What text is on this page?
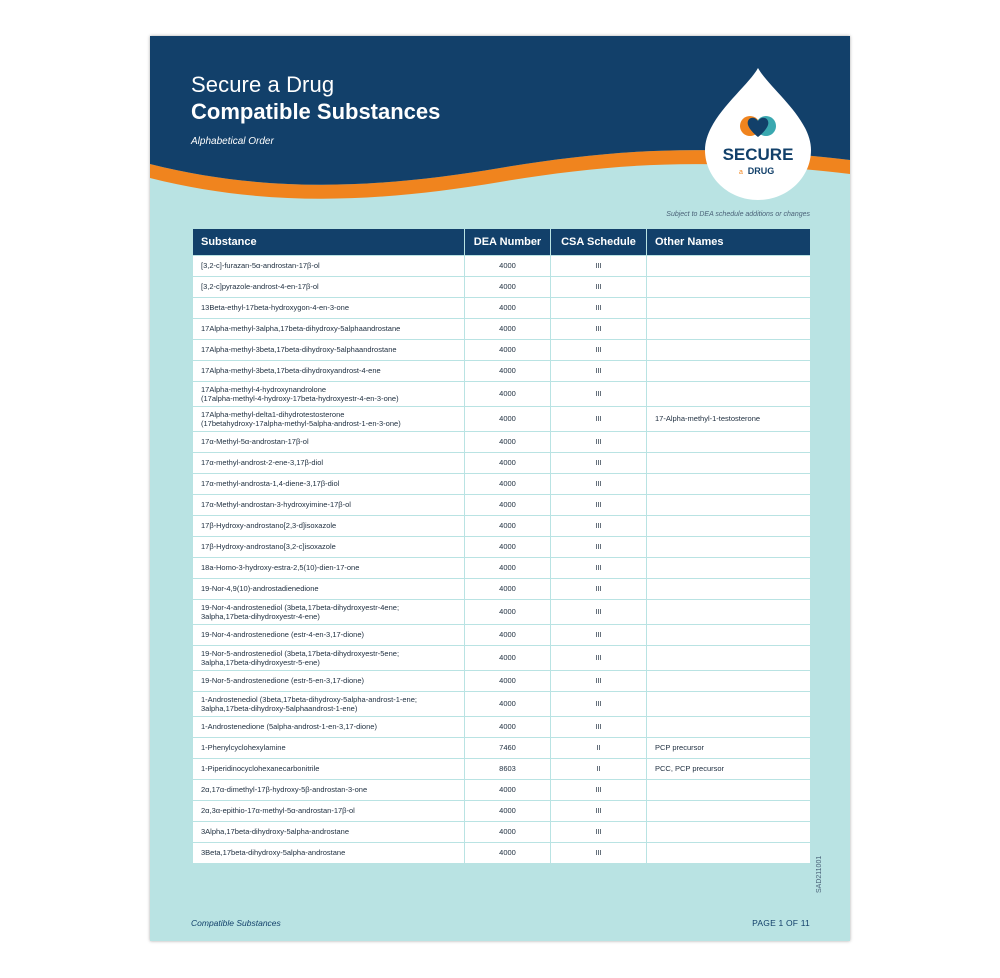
Secure a Drug
Compatible Substances
Alphabetical Order
SECURE
a DRUG
Subject to DEA schedule additions or changes
Substance	DEA Number	CSA Schedule	Other Names
[3,2-c]-furazan-5α-androstan-17β-ol	4000	III	
[3,2-c]pyrazole-androst-4-en-17β-ol	4000	III	
13Beta-ethyl-17beta-hydroxygon-4-en-3-one	4000	III	
17Alpha-methyl-3alpha,17beta-dihydroxy-5alphaandrostane	4000	III	
17Alpha-methyl-3beta,17beta-dihydroxy-5alphaandrostane	4000	III	
17Alpha-methyl-3beta,17beta-dihydroxyandrost-4-ene	4000	III	

17Alpha-methyl-4-hydroxynandrolone
(17alpha-methyl-4-hydroxy-17beta-hydroxyestr-4-en-3-one)	4000	III	

17Alpha-methyl-delta1-dihydrotestosterone
(17betahydroxy-17alpha-methyl-5alpha-androst-1-en-3-one)	4000	III	17-Alpha-methyl-1-testosterone
17α-Methyl-5α-androstan-17β-ol	4000	III	
17α-methyl-androst-2-ene-3,17β-diol	4000	III	
17α-methyl-androsta-1,4-diene-3,17β-diol	4000	III	
17α-Methyl-androstan-3-hydroxyimine-17β-ol	4000	III	
17β-Hydroxy-androstano[2,3-d]isoxazole	4000	III	
17β-Hydroxy-androstano[3,2-c]isoxazole	4000	III	
18a-Homo-3-hydroxy-estra-2,5(10)-dien-17-one	4000	III	
19-Nor-4,9(10)-androstadienedione	4000	III	

19-Nor-4-androstenediol (3beta,17beta-dihydroxyestr-4ene;
3alpha,17beta-dihydroxyestr-4-ene)	4000	III	
19-Nor-4-androstenedione (estr-4-en-3,17-dione)	4000	III	

19-Nor-5-androstenediol (3beta,17beta-dihydroxyestr-5ene;
3alpha,17beta-dihydroxyestr-5-ene)	4000	III	
19-Nor-5-androstenedione (estr-5-en-3,17-dione)	4000	III	

1-Androstenediol (3beta,17beta-dihydroxy-5alpha-androst-1-ene;
3alpha,17beta-dihydroxy-5alphaandrost-1-ene)	4000	III	
1-Androstenedione (5alpha-androst-1-en-3,17-dione)	4000	III	
1-Phenylcyclohexylamine	7460	II	PCP precursor
1-Piperidinocyclohexanecarbonitrile	8603	II	PCC, PCP precursor
2α,17α-dimethyl-17β-hydroxy-5β-androstan-3-one	4000	III	
2α,3α-epithio-17α-methyl-5α-androstan-17β-ol	4000	III	
3Alpha,17beta-dihydroxy-5alpha-androstane	4000	III	
3Beta,17beta-dihydroxy-5alpha-androstane	4000	III	
SAD211001
Compatible Substances	PAGE 1 OF 11
